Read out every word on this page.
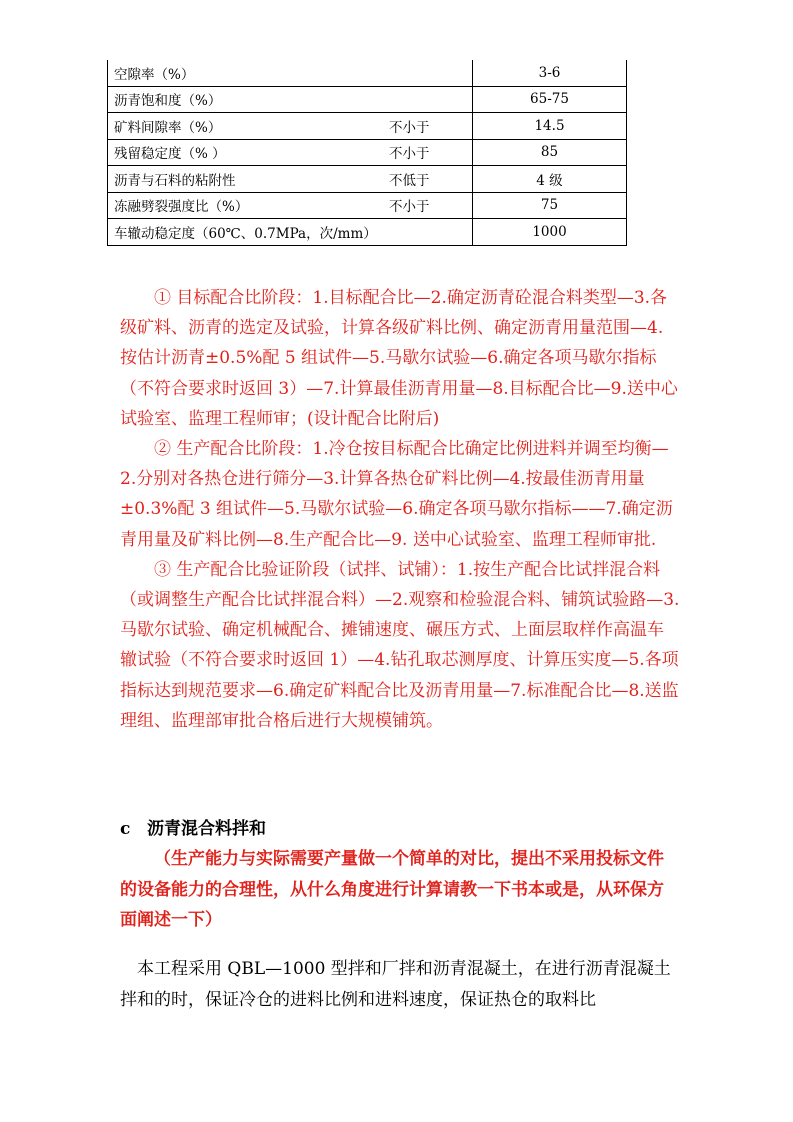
空隙率（%）	3-6
沥青饱和度（%）	65-75
矿料间隙率（%） 不小于	14.5
残留稳定度（% ） 不小于	85
沥青与石料的粘附性 不低于	4 级
冻融劈裂强度比（%） 不小于	75
车辙动稳定度（60℃、0.7MPa，次/mm）	1000

① 目标配合比阶段：1.目标配合比—2.确定沥青砼混合料类型—3.各级矿料、沥青的选定及试验，计算各级矿料比例、确定沥青用量范围—4.按估计沥青±0.5%配 5 组试件—5.马歇尔试验—6.确定各项马歇尔指标（不符合要求时返回 3）—7.计算最佳沥青用量—8.目标配合比—9.送中心试验室、监理工程师审；(设计配合比附后)

② 生产配合比阶段：1.冷仓按目标配合比确定比例进料并调至均衡—2.分别对各热仓进行筛分—3.计算各热仓矿料比例—4.按最佳沥青用量±0.3%配 3 组试件—5.马歇尔试验—6.确定各项马歇尔指标——7.确定沥青用量及矿料比例—8.生产配合比—9. 送中心试验室、监理工程师审批.

③ 生产配合比验证阶段（试拌、试铺）：1.按生产配合比试拌混合料（或调整生产配合比试拌混合料）—2.观察和检验混合料、铺筑试验路—3.马歇尔试验、确定机械配合、摊铺速度、碾压方式、上面层取样作高温车辙试验（不符合要求时返回 1）—4.钻孔取芯测厚度、计算压实度—5.各项指标达到规范要求—6.确定矿料配合比及沥青用量—7.标准配合比—8.送监理组、监理部审批合格后进行大规模铺筑。

c 沥青混合料拌和

（生产能力与实际需要产量做一个简单的对比，提出不采用投标文件的设备能力的合理性，从什么角度进行计算请教一下书本或是，从环保方面阐述一下）

本工程采用 QBL—1000 型拌和厂拌和沥青混凝土，在进行沥青混凝土拌和的时，保证冷仓的进料比例和进料速度，保证热仓的取料比
